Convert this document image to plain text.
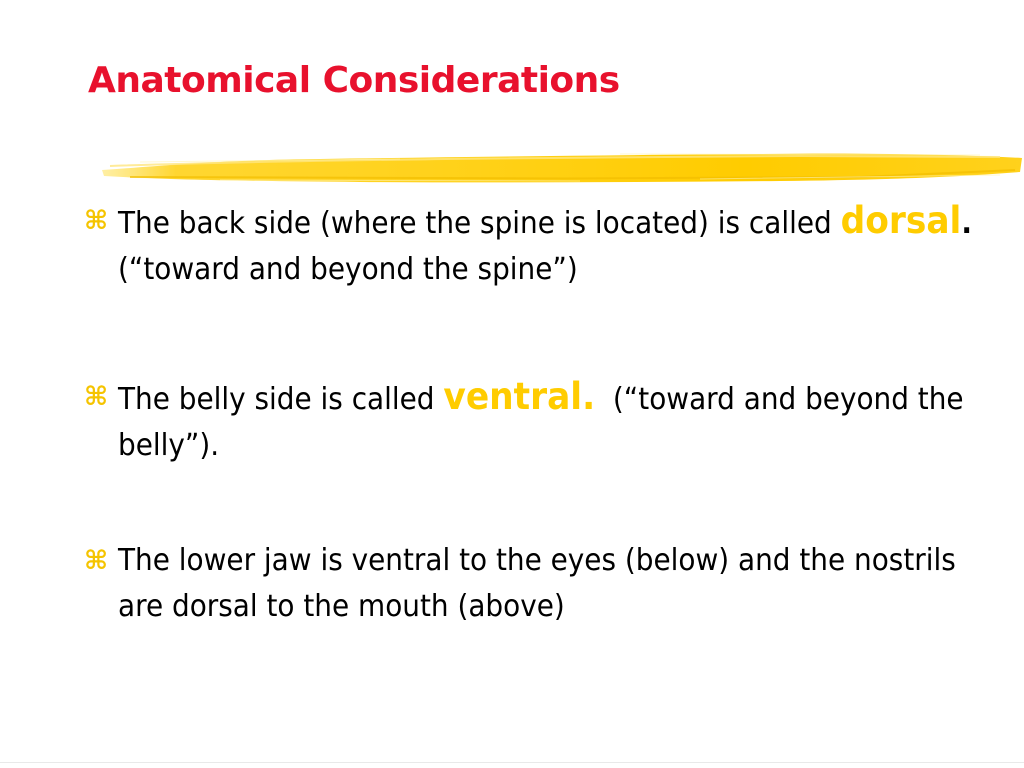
Anatomical Considerations
⌘ The back side (where the spine is located) is called dorsal. (“toward and beyond the spine”)
⌘ The belly side is called ventral.  (“toward and beyond the belly”).
⌘ The lower jaw is ventral to the eyes (below) and the nostrils are dorsal to the mouth (above)
